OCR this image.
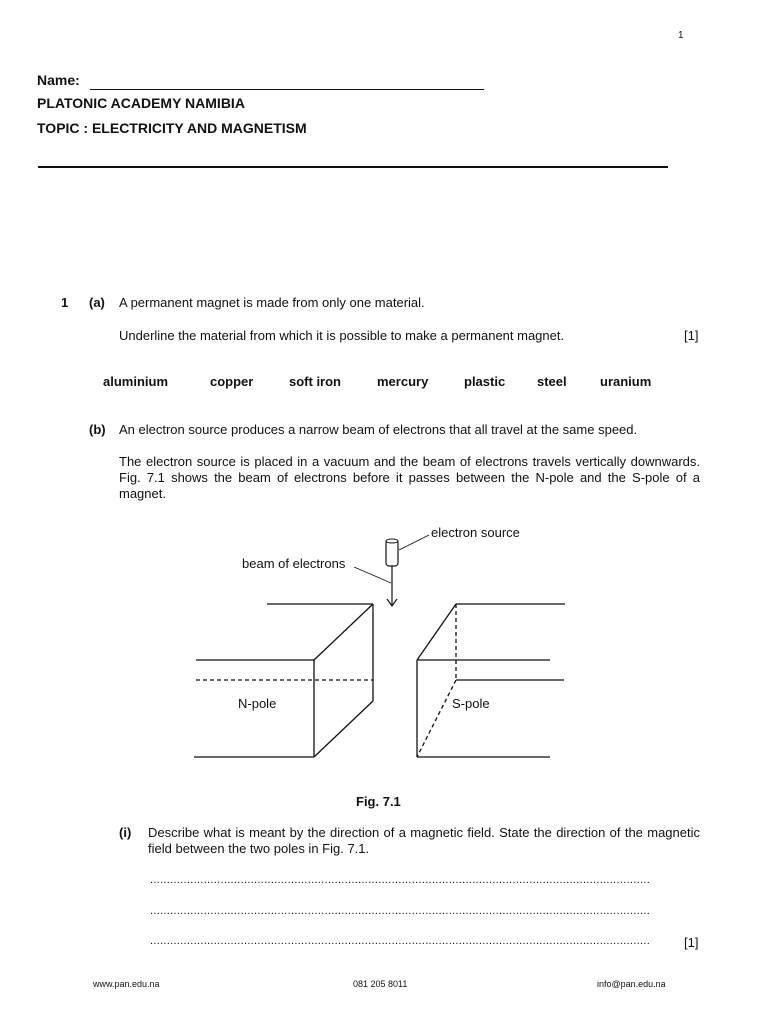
1
Name:
PLATONIC ACADEMY NAMIBIA
TOPIC : ELECTRICITY AND MAGNETISM
1 (a) A permanent magnet is made from only one material.
Underline the material from which it is possible to make a permanent magnet.	[1]
aluminium	copper	soft iron	mercury	plastic steel	uranium
(b) An electron source produces a narrow beam of electrons that all travel at the same speed.
The electron source is placed in a vacuum and the beam of electrons travels vertically downwards. Fig. 7.1 shows the beam of electrons before it passes between the N-pole and the S-pole of a magnet.
electron source
beam of electrons
N-pole	S-pole
Fig. 7.1
(i) Describe what is meant by the direction of a magnetic field. State the direction of the magnetic field between the two poles in Fig. 7.1.
.....................................................................................................................................................
.....................................................................................................................................................
.....................................................................................................................................................	[1]
www.pan.edu.na	081 205 8011	info@pan.edu.na
